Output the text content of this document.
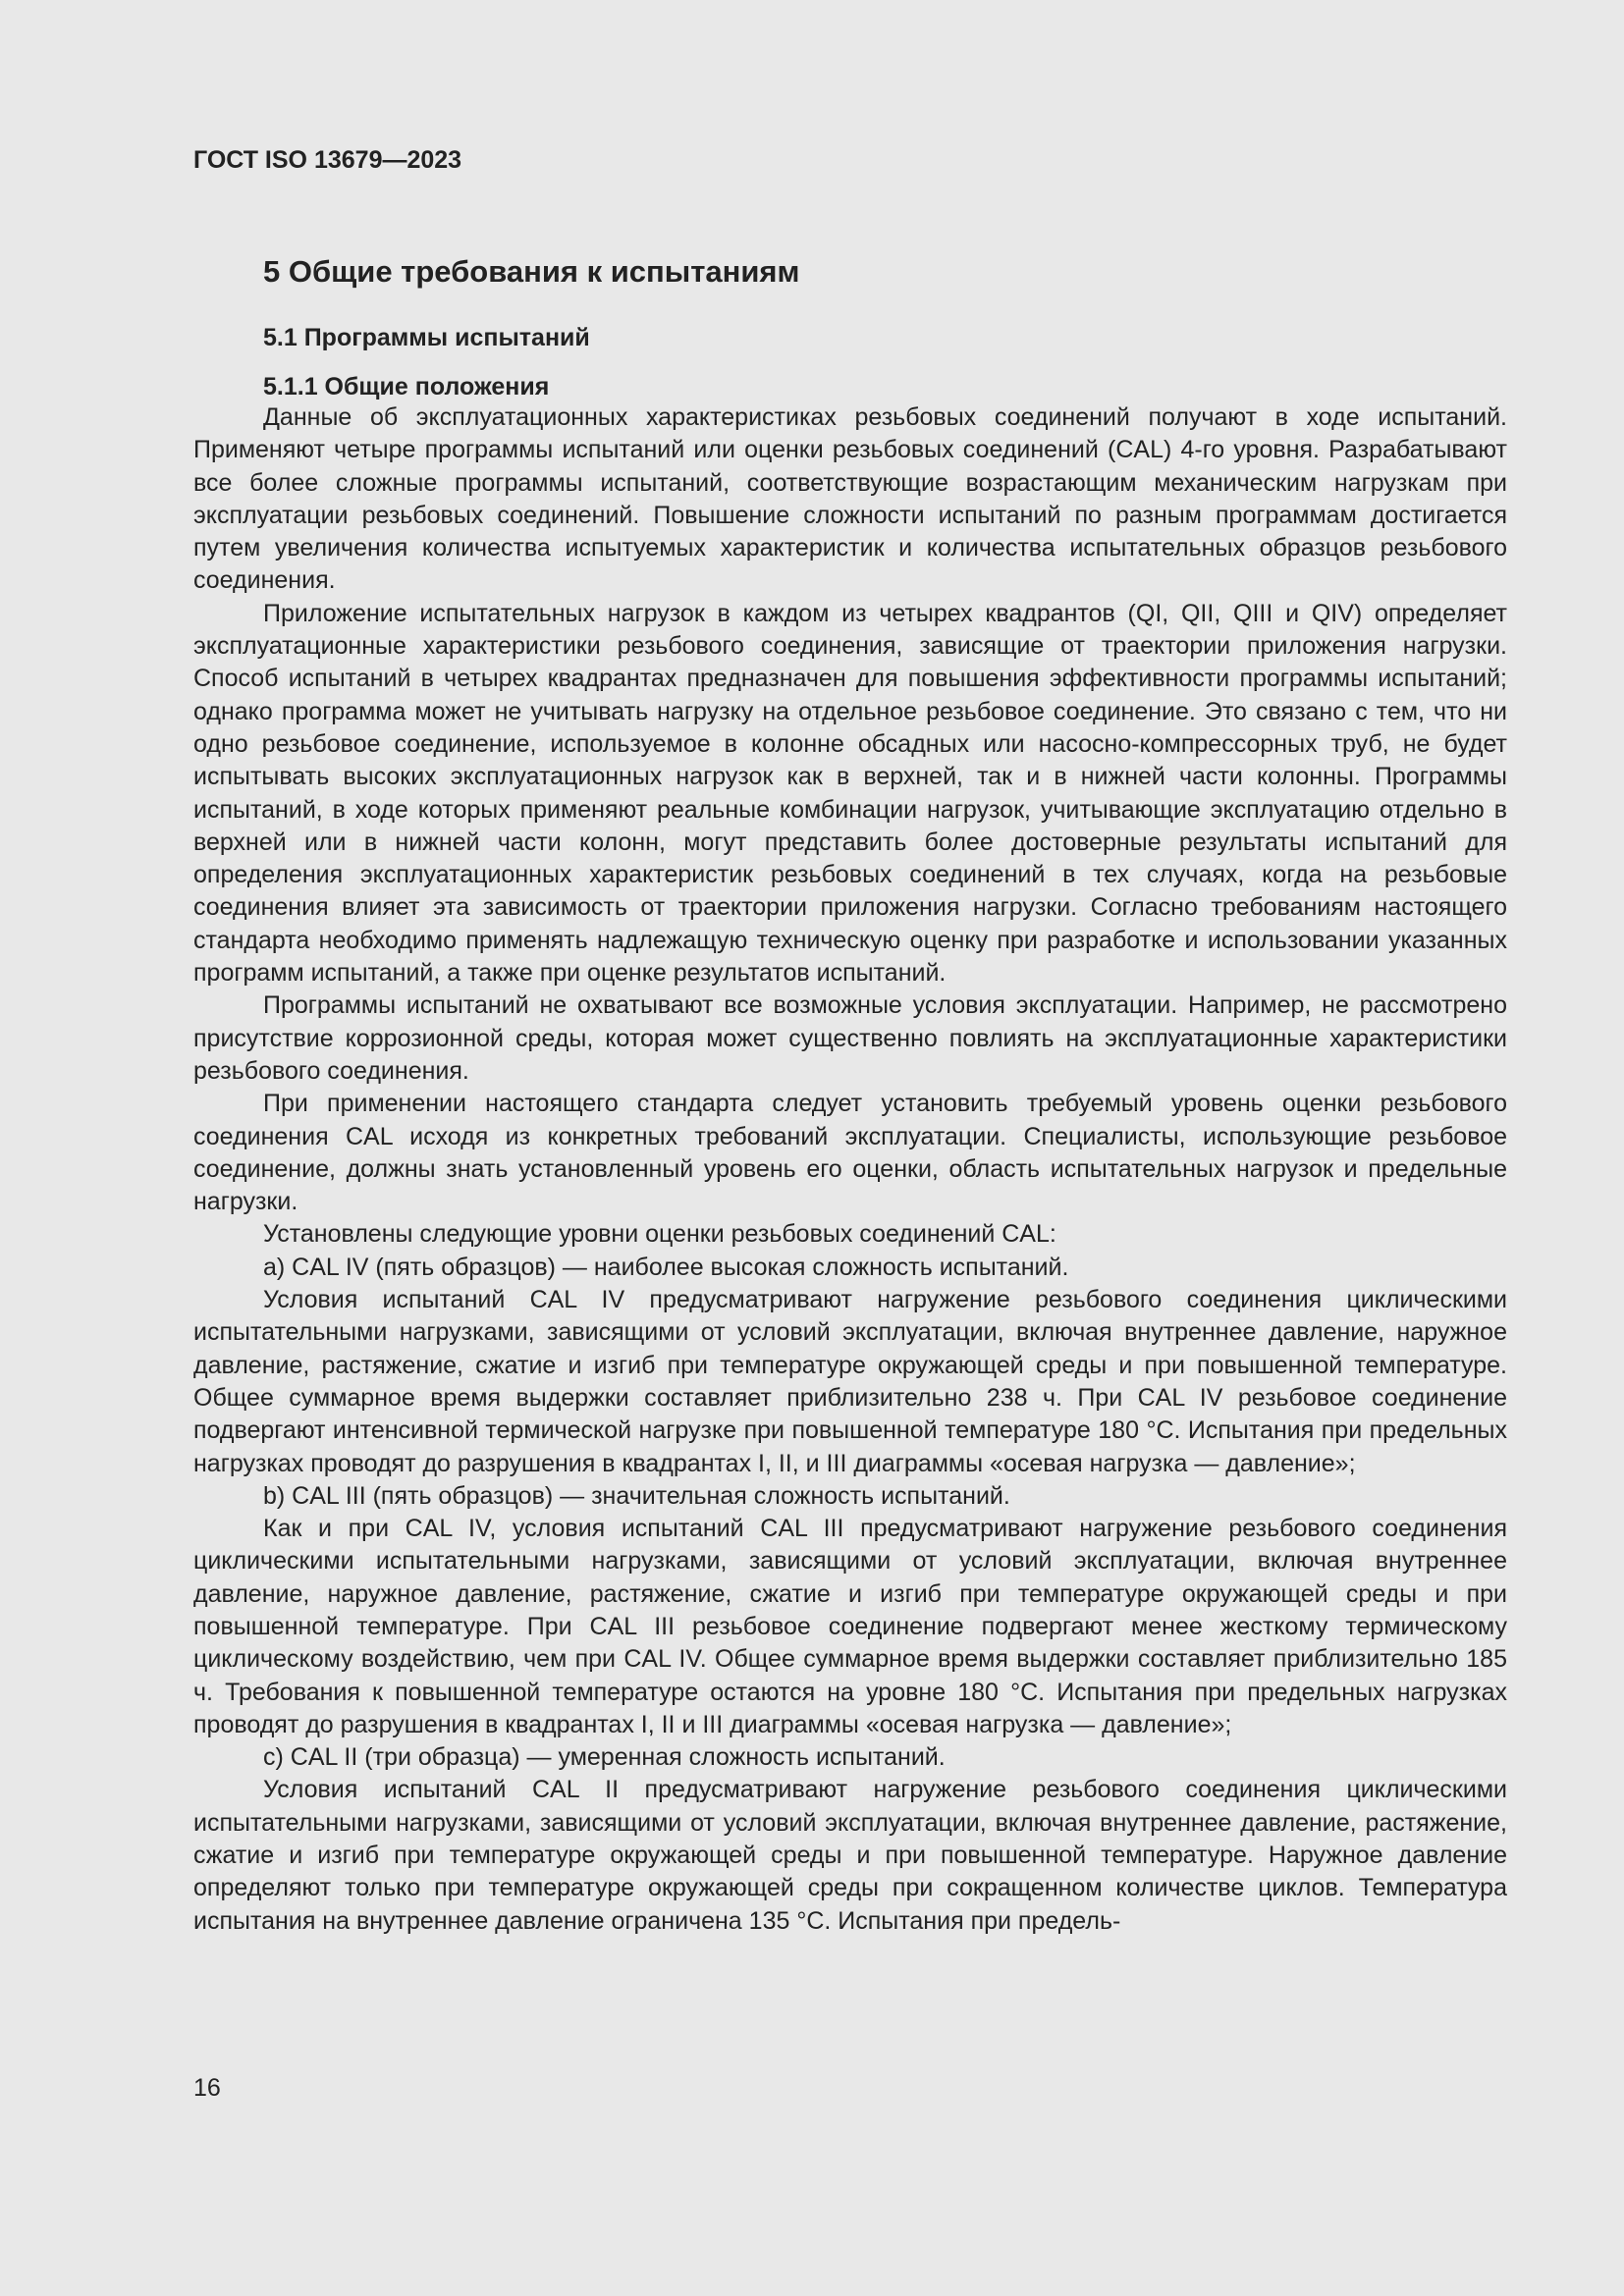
ГОСТ ISO 13679—2023
5 Общие требования к испытаниям
5.1 Программы испытаний
5.1.1 Общие положения

Данные об эксплуатационных характеристиках резьбовых соединений получают в ходе испытаний. Применяют четыре программы испытаний или оценки резьбовых соединений (CAL) 4-го уровня. Разрабатывают все более сложные программы испытаний, соответствующие возрастающим механическим нагрузкам при эксплуатации резьбовых соединений. Повышение сложности испытаний по разным программам достигается путем увеличения количества испытуемых характеристик и количества испытательных образцов резьбового соединения.

Приложение испытательных нагрузок в каждом из четырех квадрантов (QI, QII, QIII и QIV) определяет эксплуатационные характеристики резьбового соединения, зависящие от траектории приложения нагрузки. Способ испытаний в четырех квадрантах предназначен для повышения эффективности программы испытаний; однако программа может не учитывать нагрузку на отдельное резьбовое соединение. Это связано с тем, что ни одно резьбовое соединение, используемое в колонне обсадных или насосно-компрессорных труб, не будет испытывать высоких эксплуатационных нагрузок как в верхней, так и в нижней части колонны. Программы испытаний, в ходе которых применяют реальные комбинации нагрузок, учитывающие эксплуатацию отдельно в верхней или в нижней части колонн, могут представить более достоверные результаты испытаний для определения эксплуатационных характеристик резьбовых соединений в тех случаях, когда на резьбовые соединения влияет эта зависимость от траектории приложения нагрузки. Согласно требованиям настоящего стандарта необходимо применять надлежащую техническую оценку при разработке и использовании указанных программ испытаний, а также при оценке результатов испытаний.

Программы испытаний не охватывают все возможные условия эксплуатации. Например, не рассмотрено присутствие коррозионной среды, которая может существенно повлиять на эксплуатационные характеристики резьбового соединения.

При применении настоящего стандарта следует установить требуемый уровень оценки резьбового соединения CAL исходя из конкретных требований эксплуатации. Специалисты, использующие резьбовое соединение, должны знать установленный уровень его оценки, область испытательных нагрузок и предельные нагрузки.

Установлены следующие уровни оценки резьбовых соединений CAL:

a) CAL IV (пять образцов) — наиболее высокая сложность испытаний.

Условия испытаний CAL IV предусматривают нагружение резьбового соединения циклическими испытательными нагрузками, зависящими от условий эксплуатации, включая внутреннее давление, наружное давление, растяжение, сжатие и изгиб при температуре окружающей среды и при повышенной температуре. Общее суммарное время выдержки составляет приблизительно 238 ч. При CAL IV резьбовое соединение подвергают интенсивной термической нагрузке при повышенной температуре 180 °С. Испытания при предельных нагрузках проводят до разрушения в квадрантах I, II, и III диаграммы «осевая нагрузка — давление»;

b) CAL III (пять образцов) — значительная сложность испытаний.

Как и при CAL IV, условия испытаний CAL III предусматривают нагружение резьбового соединения циклическими испытательными нагрузками, зависящими от условий эксплуатации, включая внутреннее давление, наружное давление, растяжение, сжатие и изгиб при температуре окружающей среды и при повышенной температуре. При CAL III резьбовое соединение подвергают менее жесткому термическому циклическому воздействию, чем при CAL IV. Общее суммарное время выдержки составляет приблизительно 185 ч. Требования к повышенной температуре остаются на уровне 180 °С. Испытания при предельных нагрузках проводят до разрушения в квадрантах I, II и III диаграммы «осевая нагрузка — давление»;

c) CAL II (три образца) — умеренная сложность испытаний.

Условия испытаний CAL II предусматривают нагружение резьбового соединения циклическими испытательными нагрузками, зависящими от условий эксплуатации, включая внутреннее давление, растяжение, сжатие и изгиб при температуре окружающей среды и при повышенной температуре. Наружное давление определяют только при температуре окружающей среды при сокращенном количестве циклов. Температура испытания на внутреннее давление ограничена 135 °С. Испытания при предель-

16
